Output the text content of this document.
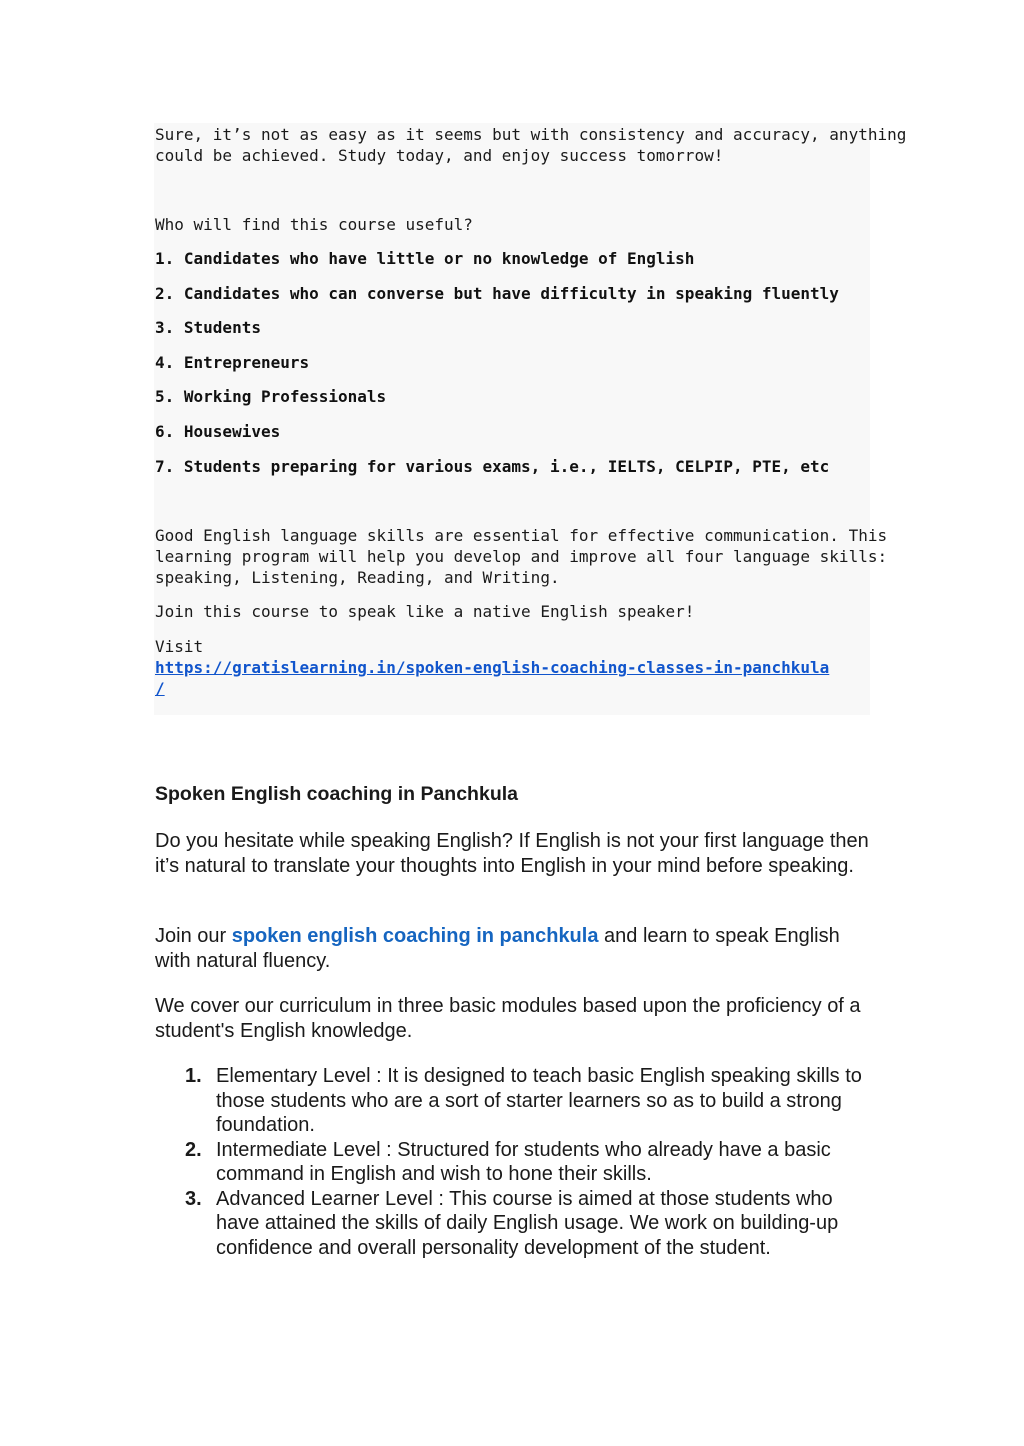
Sure, it’s not as easy as it seems but with consistency and accuracy, anything

could be achieved. Study today, and enjoy success tomorrow!

Who will find this course useful?

1. Candidates who have little or no knowledge of English

2. Candidates who can converse but have difficulty in speaking fluently

3. Students

4. Entrepreneurs

5. Working Professionals

6. Housewives

7. Students preparing for various exams, i.e., IELTS, CELPIP, PTE, etc

Good English language skills are essential for effective communication. This

learning program will help you develop and improve all four language skills:

speaking, Listening, Reading, and Writing.

Join this course to speak like a native English speaker!

Visit

https://gratislearning.in/spoken-english-coaching-classes-in-panchkula

/

Spoken English coaching in Panchkula

Do you hesitate while speaking English? If English is not your first language then it’s natural to translate your thoughts into English in your mind before speaking.

Join our spoken english coaching in panchkula and learn to speak English with natural fluency.

We cover our curriculum in three basic modules based upon the proficiency of a student's English knowledge.

1. Elementary Level : It is designed to teach basic English speaking skills to those students who are a sort of starter learners so as to build a strong foundation.
2. Intermediate Level : Structured for students who already have a basic command in English and wish to hone their skills.
3. Advanced Learner Level : This course is aimed at those students who have attained the skills of daily English usage. We work on building-up confidence and overall personality development of the student.
